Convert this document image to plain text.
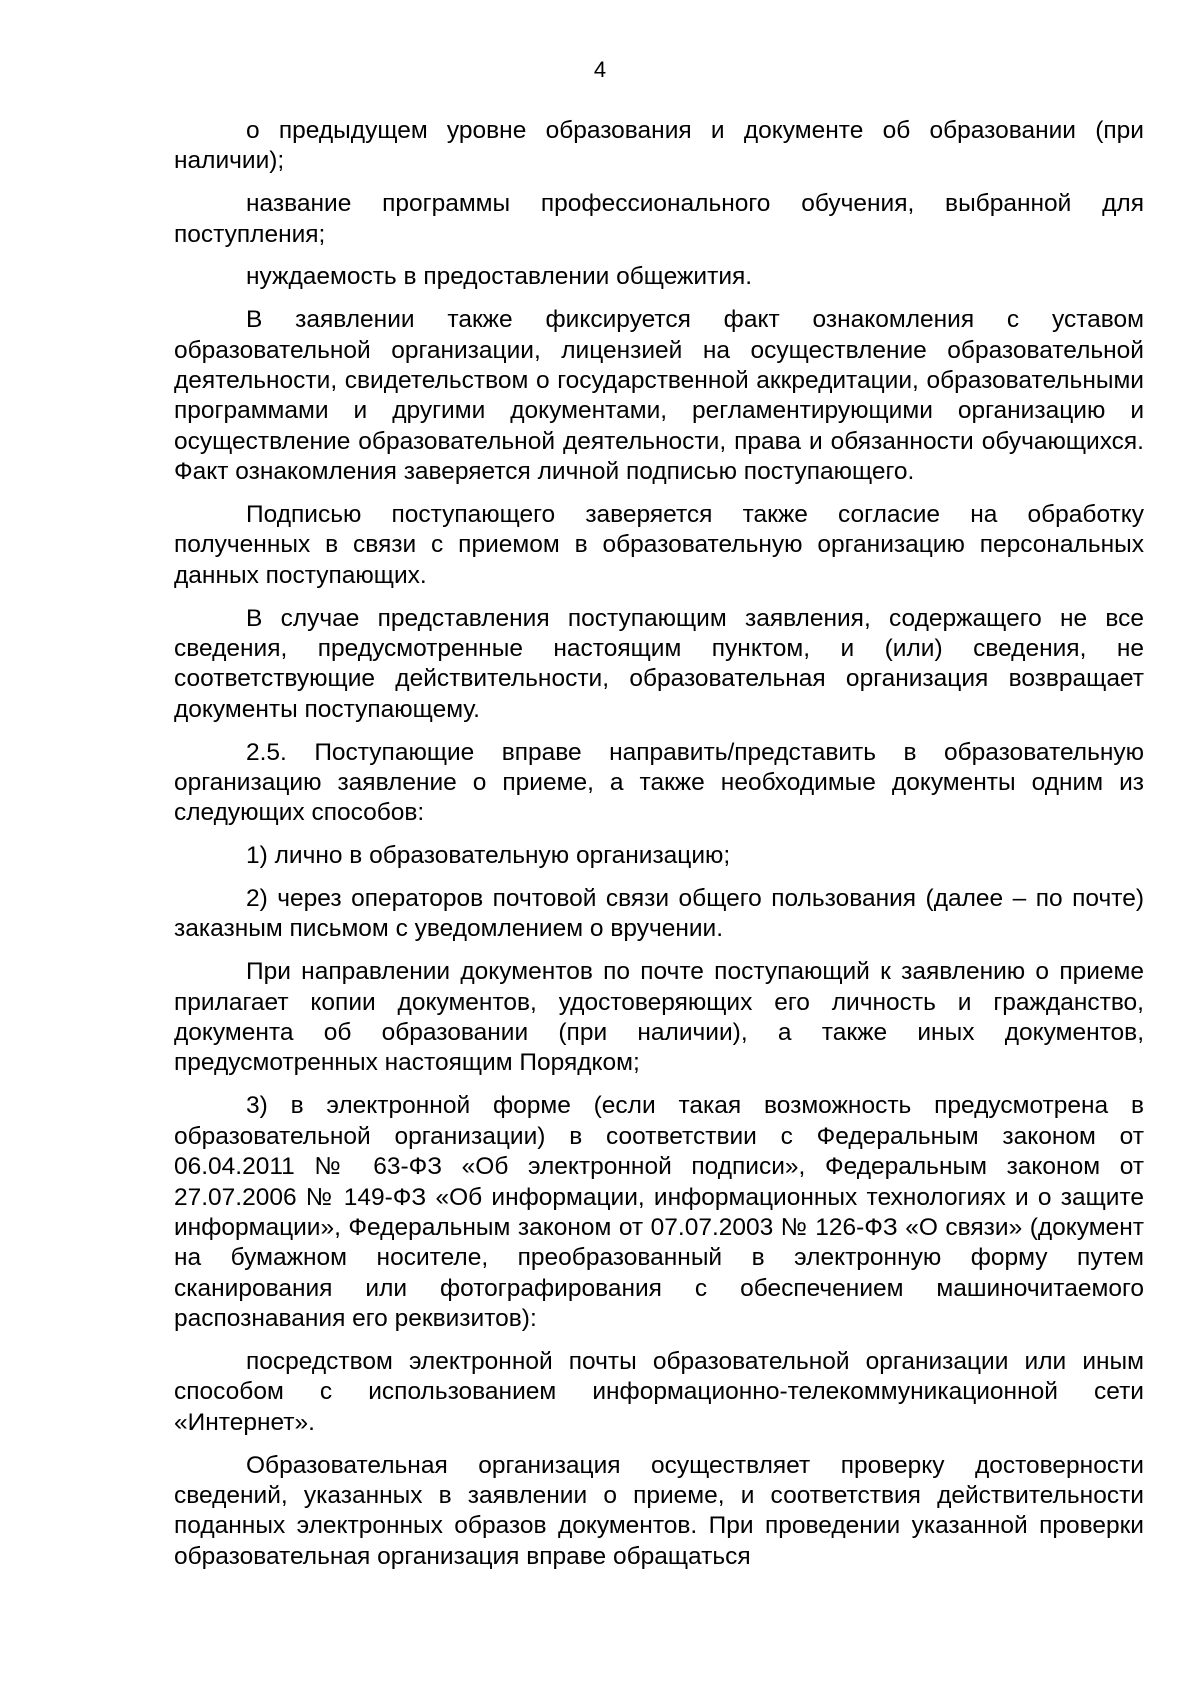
4

о предыдущем уровне образования и документе об образовании (при наличии);

название программы профессионального обучения, выбранной для поступления;

нуждаемость в предоставлении общежития.

В заявлении также фиксируется факт ознакомления с уставом образовательной организации, лицензией на осуществление образовательной деятельности, свидетельством о государственной аккредитации, образовательными программами и другими документами, регламентирующими организацию и осуществление образовательной деятельности, права и обязанности обучающихся. Факт ознакомления заверяется личной подписью поступающего.

Подписью поступающего заверяется также согласие на обработку полученных в связи с приемом в образовательную организацию персональных данных поступающих.

В случае представления поступающим заявления, содержащего не все сведения, предусмотренные настоящим пунктом, и (или) сведения, не соответствующие действительности, образовательная организация возвращает документы поступающему.

2.5. Поступающие вправе направить/представить в образовательную организацию заявление о приеме, а также необходимые документы одним из следующих способов:

1) лично в образовательную организацию;

2) через операторов почтовой связи общего пользования (далее – по почте) заказным письмом с уведомлением о вручении.

При направлении документов по почте поступающий к заявлению о приеме прилагает копии документов, удостоверяющих его личность и гражданство, документа об образовании (при наличии), а также иных документов, предусмотренных настоящим Порядком;

3) в электронной форме (если такая возможность предусмотрена в образовательной организации) в соответствии с Федеральным законом от 06.04.2011 № 63-ФЗ «Об электронной подписи», Федеральным законом от 27.07.2006 № 149-ФЗ «Об информации, информационных технологиях и о защите информации», Федеральным законом от 07.07.2003 № 126-ФЗ «О связи» (документ на бумажном носителе, преобразованный в электронную форму путем сканирования или фотографирования с обеспечением машиночитаемого распознавания его реквизитов):

посредством электронной почты образовательной организации или иным способом с использованием информационно-телекоммуникационной сети «Интернет».

Образовательная организация осуществляет проверку достоверности сведений, указанных в заявлении о приеме, и соответствия действительности поданных электронных образов документов. При проведении указанной проверки образовательная организация вправе обращаться
